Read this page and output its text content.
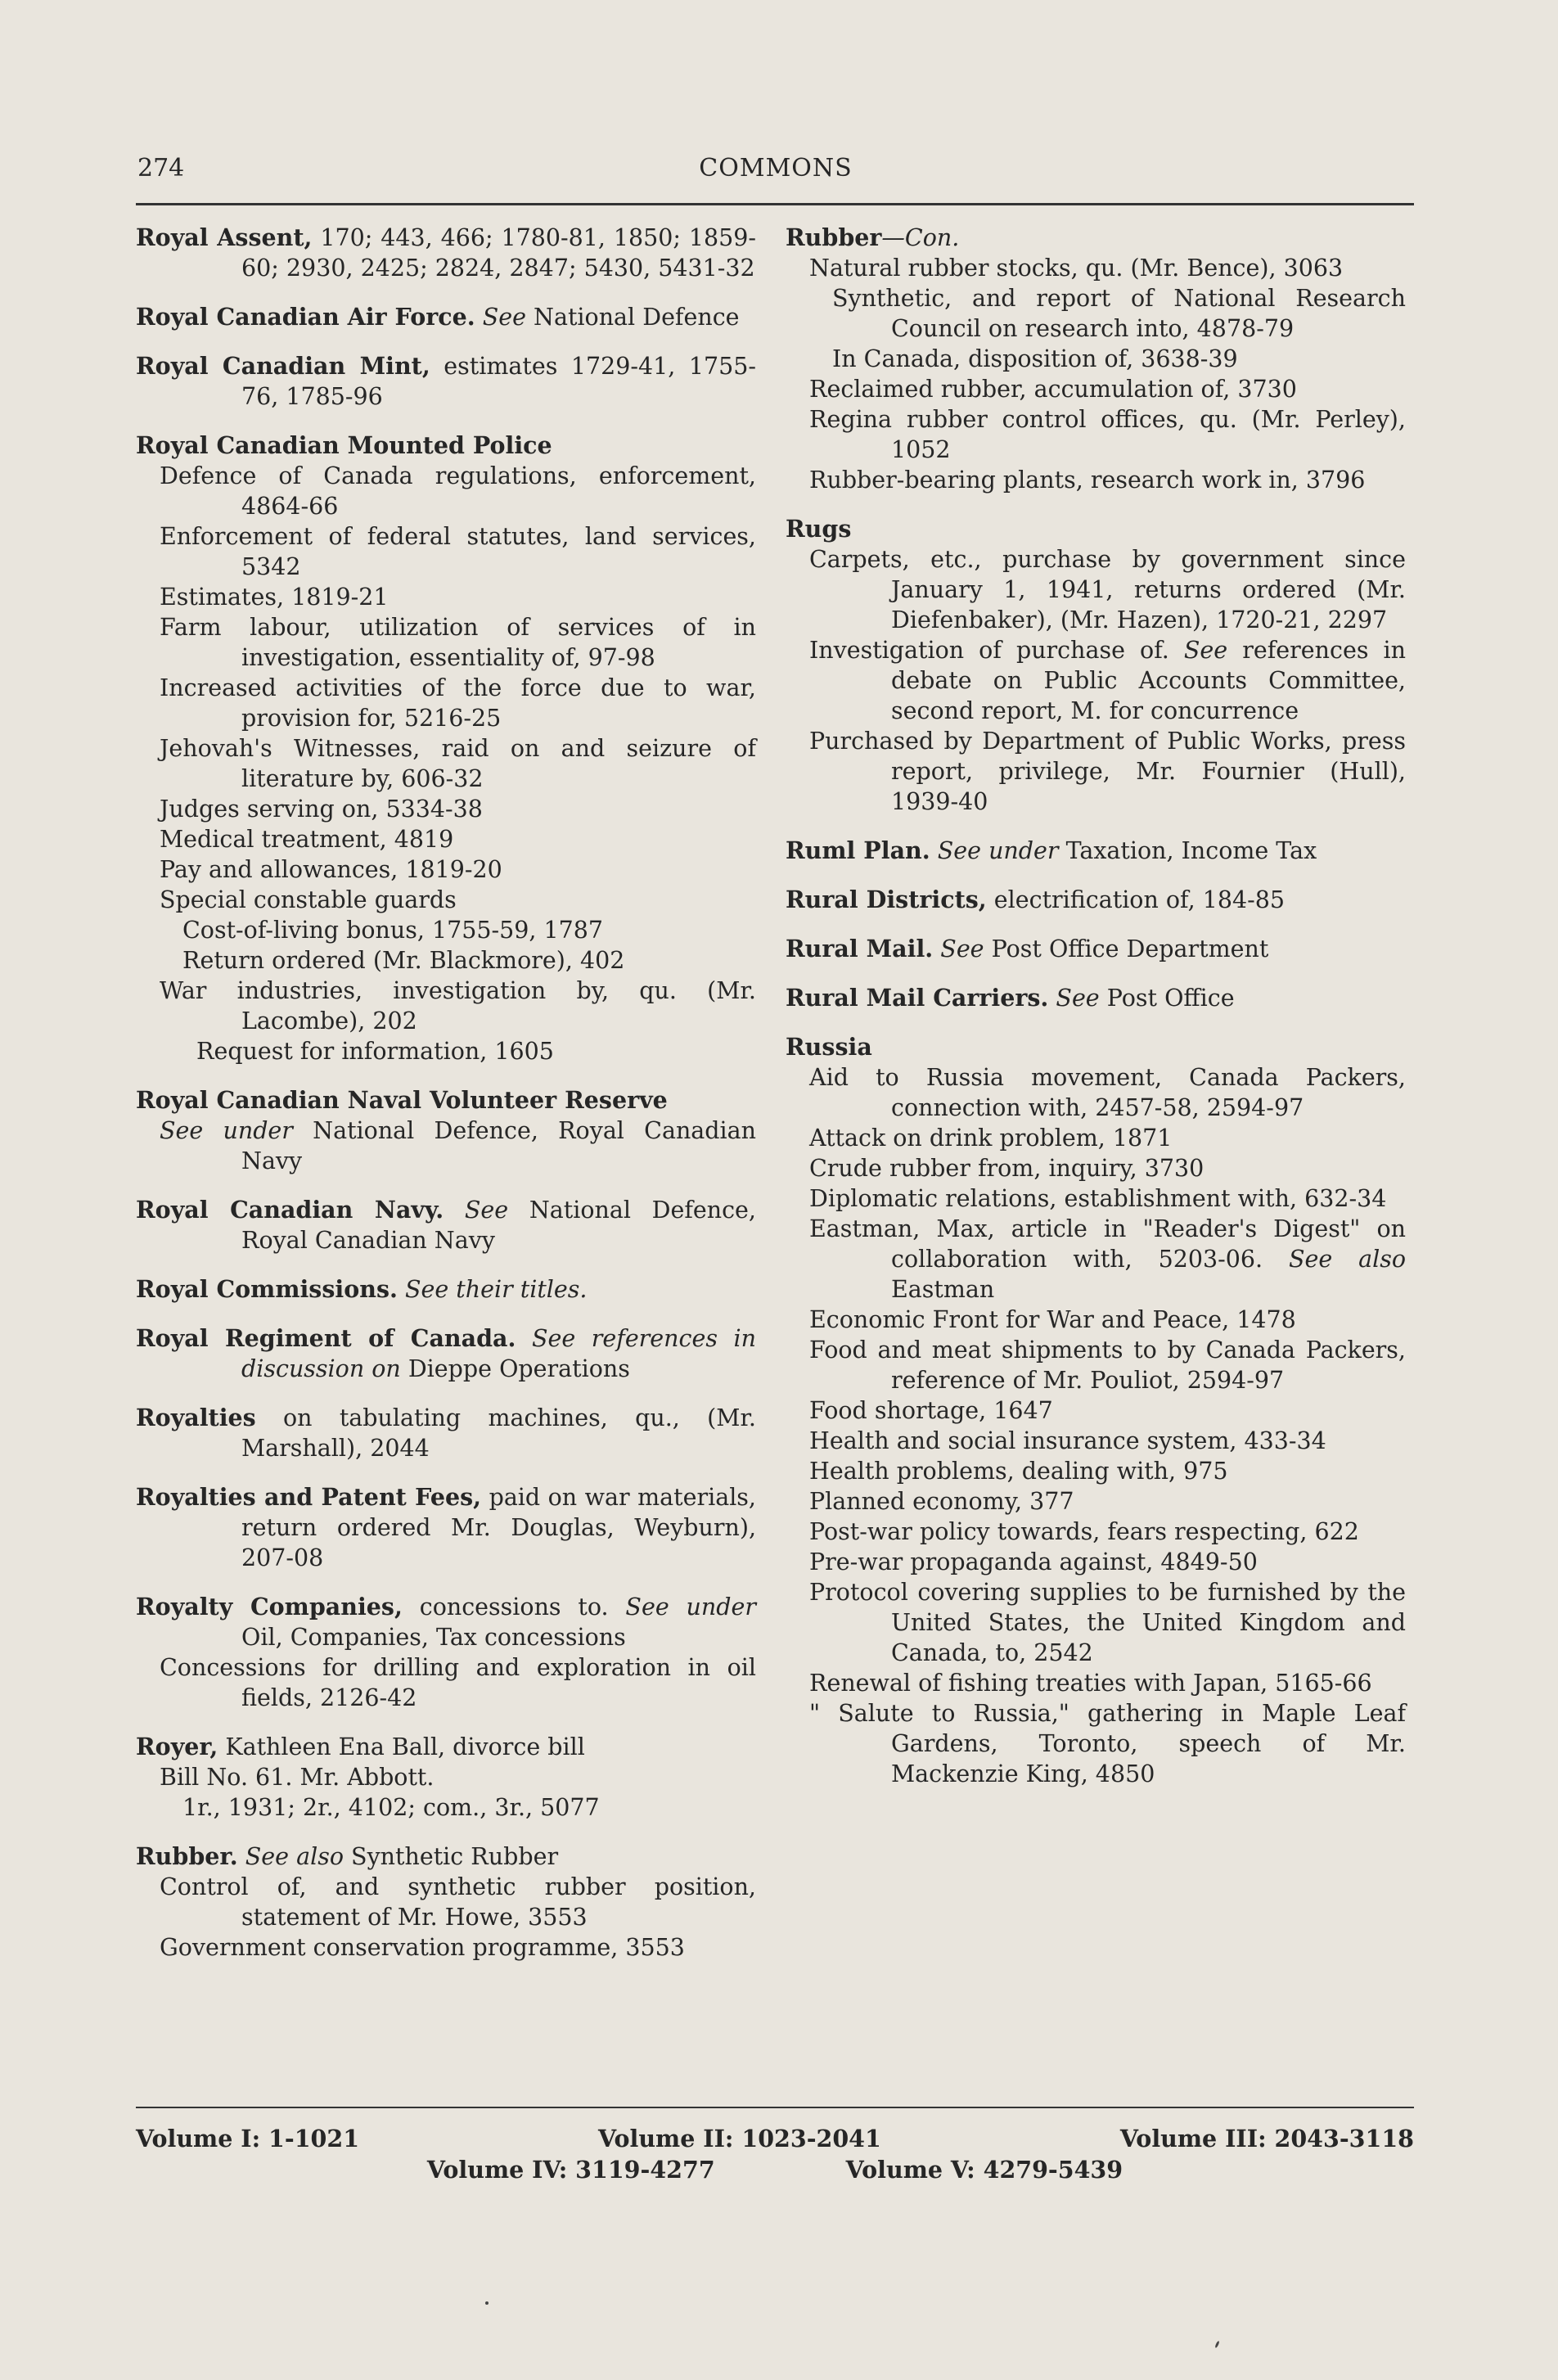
274	COMMONS
Royal Assent, 170; 443, 466; 1780-81, 1850; 1859-60; 2930, 2425; 2824, 2847; 5430, 5431-32
Royal Canadian Air Force. See National Defence
Royal Canadian Mint, estimates 1729-41, 1755-76, 1785-96
Royal Canadian Mounted Police
Defence of Canada regulations, enforcement, 4864-66
Enforcement of federal statutes, land services, 5342
Estimates, 1819-21
Farm labour, utilization of services of in investigation, essentiality of, 97-98
Increased activities of the force due to war, provision for, 5216-25
Jehovah's Witnesses, raid on and seizure of literature by, 606-32
Judges serving on, 5334-38
Medical treatment, 4819
Pay and allowances, 1819-20
Special constable guards
Cost-of-living bonus, 1755-59, 1787
Return ordered (Mr. Blackmore), 402
War industries, investigation by, qu. (Mr. Lacombe), 202
Request for information, 1605
Royal Canadian Naval Volunteer Reserve
See under National Defence, Royal Canadian Navy
Royal Canadian Navy. See National Defence, Royal Canadian Navy
Royal Commissions. See their titles.
Royal Regiment of Canada. See references in discussion on Dieppe Operations
Royalties on tabulating machines, qu., (Mr. Marshall), 2044
Royalties and Patent Fees, paid on war materials, return ordered Mr. Douglas, Weyburn), 207-08
Royalty Companies, concessions to. See under Oil, Companies, Tax concessions
Concessions for drilling and exploration in oil fields, 2126-42
Royer, Kathleen Ena Ball, divorce bill
Bill No. 61. Mr. Abbott.
1r., 1931; 2r., 4102; com., 3r., 5077
Rubber. See also Synthetic Rubber
Control of, and synthetic rubber position, statement of Mr. Howe, 3553
Government conservation programme, 3553
Rubber—Con.
Natural rubber stocks, qu. (Mr. Bence), 3063
Synthetic, and report of National Research Council on research into, 4878-79
In Canada, disposition of, 3638-39
Reclaimed rubber, accumulation of, 3730
Regina rubber control offices, qu. (Mr. Perley), 1052
Rubber-bearing plants, research work in, 3796
Rugs
Carpets, etc., purchase by government since January 1, 1941, returns ordered (Mr. Diefenbaker), (Mr. Hazen), 1720-21, 2297
Investigation of purchase of. See references in debate on Public Accounts Committee, second report, M. for concurrence
Purchased by Department of Public Works, press report, privilege, Mr. Fournier (Hull), 1939-40
Ruml Plan. See under Taxation, Income Tax
Rural Districts, electrification of, 184-85
Rural Mail. See Post Office Department
Rural Mail Carriers. See Post Office
Russia
Aid to Russia movement, Canada Packers, connection with, 2457-58, 2594-97
Attack on drink problem, 1871
Crude rubber from, inquiry, 3730
Diplomatic relations, establishment with, 632-34
Eastman, Max, article in "Reader's Digest" on collaboration with, 5203-06. See also Eastman
Economic Front for War and Peace, 1478
Food and meat shipments to by Canada Packers, reference of Mr. Pouliot, 2594-97
Food shortage, 1647
Health and social insurance system, 433-34
Health problems, dealing with, 975
Planned economy, 377
Post-war policy towards, fears respecting, 622
Pre-war propaganda against, 4849-50
Protocol covering supplies to be furnished by the United States, the United Kingdom and Canada, to, 2542
Renewal of fishing treaties with Japan, 5165-66
" Salute to Russia," gathering in Maple Leaf Gardens, Toronto, speech of Mr. Mackenzie King, 4850
Volume I: 1-1021	Volume II: 1023-2041	Volume III: 2043-3118
Volume IV: 3119-4277	Volume V: 4279-5439
